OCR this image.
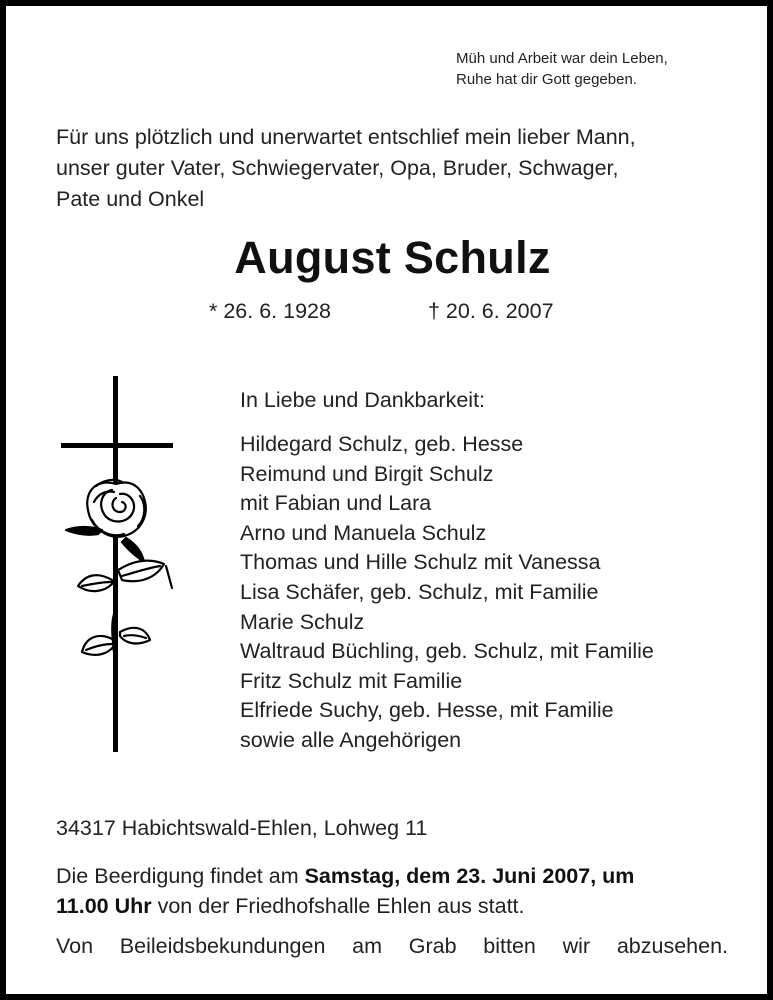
Müh und Arbeit war dein Leben,
Ruhe hat dir Gott gegeben.
Für uns plötzlich und unerwartet entschlief mein lieber Mann,
unser guter Vater, Schwiegervater, Opa, Bruder, Schwager,
Pate und Onkel
August Schulz
* 26. 6. 1928	† 20. 6. 2007
In Liebe und Dankbarkeit:
Hildegard Schulz, geb. Hesse
Reimund und Birgit Schulz
mit Fabian und Lara
Arno und Manuela Schulz
Thomas und Hille Schulz mit Vanessa
Lisa Schäfer, geb. Schulz, mit Familie
Marie Schulz
Waltraud Büchling, geb. Schulz, mit Familie
Fritz Schulz mit Familie
Elfriede Suchy, geb. Hesse, mit Familie
sowie alle Angehörigen
34317 Habichtswald-Ehlen, Lohweg 11
Die Beerdigung findet am Samstag, dem 23. Juni 2007, um
11.00 Uhr von der Friedhofshalle Ehlen aus statt.
Von Beileidsbekundungen am Grab bitten wir abzusehen.
